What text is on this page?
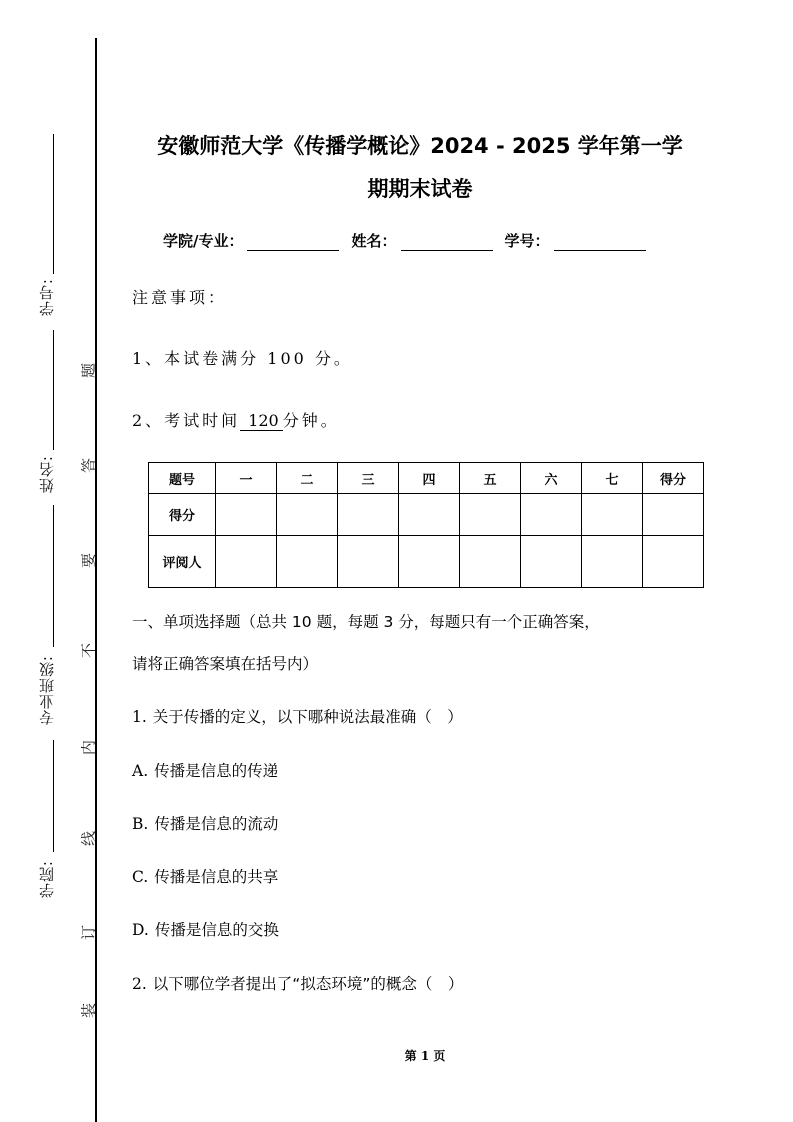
学号:
姓名:
专业班级:
学院:
题
答
要
不
内
线
订
装
安徽师范大学《传播学概论》2024 - 2025 学年第一学
期期末试卷
学院/专业：	姓名：	学号：
注意事项：
1、本试卷满分 100 分。
2、考试时间 120 分钟。
题号	一	二	三	四	五	六	七	得分
得分								
评阅人								
一、单项选择题（总共 10 题，每题 3 分，每题只有一个正确答案，
请将正确答案填在括号内）
1. 关于传播的定义，以下哪种说法最准确（　）
A. 传播是信息的传递
B. 传播是信息的流动
C. 传播是信息的共享
D. 传播是信息的交换
2. 以下哪位学者提出了“拟态环境”的概念（　）
第 1 页
